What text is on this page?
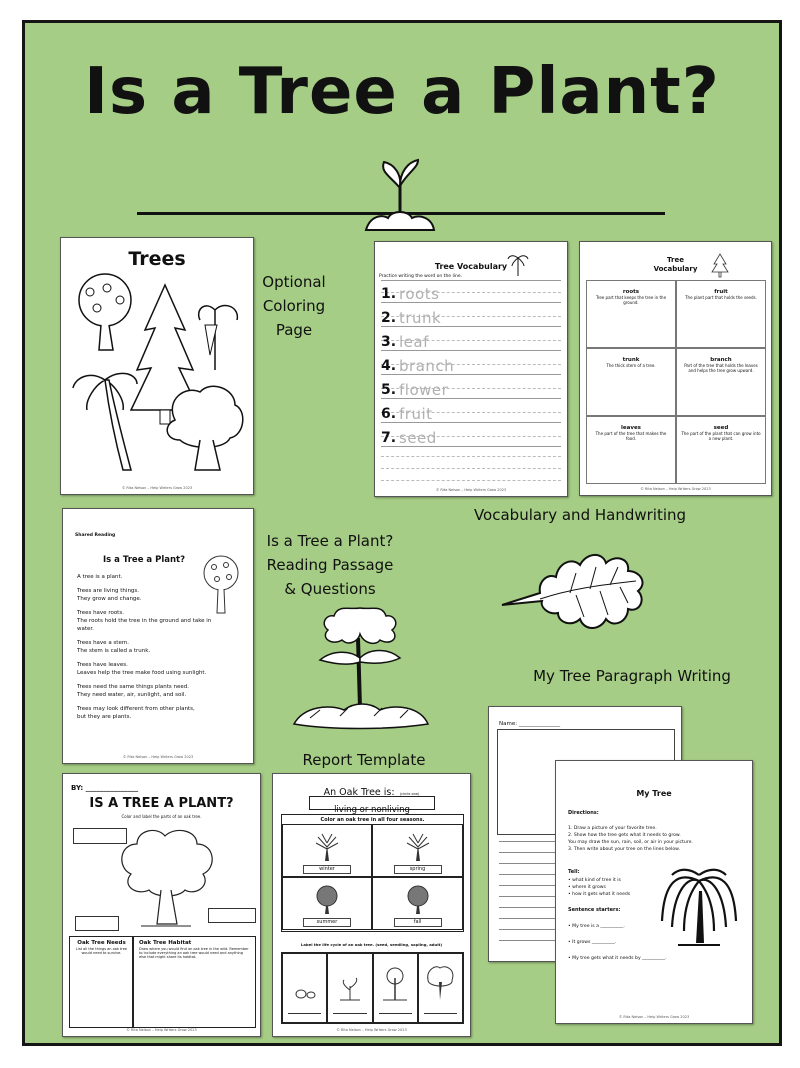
Is a Tree a Plant?
Trees
© Rita Nelson – Help Writers Grow 2023
Optional Coloring Page
Tree Vocabulary
Practice writing the word on the line.
1. roots
2. trunk
3. leaf
4. branch
5. flower
6. fruit
7. seed
© Rita Nelson – Help Writers Grow 2023
Tree
Vocabulary
roots
Tree part that keeps the tree in the ground.
fruit
The plant part that holds the seeds.
trunk
The thick stem of a tree.
branch
Part of the tree that holds the leaves and helps the tree grow upward.
leaves
The part of the tree that makes the food.
seed
The part of the plant that can grow into a new plant.
© Rita Nelson – Help Writers Grow 2023
Vocabulary and Handwriting
Shared Reading
Is a Tree a Plant?
A tree is a plant.
Trees are living things.
They grow and change.
Trees have roots.
The roots hold the tree in the ground and take in
water.
Trees have a stem.
The stem is called a trunk.
Trees have leaves.
Leaves help the tree make food using sunlight.
Trees need the same things plants need.
They need water, air, sunlight, and soil.
Trees may look different from other plants,
but they are plants.
© Rita Nelson – Help Writers Grow 2023
Is a Tree a Plant? Reading Passage & Questions
My Tree Paragraph Writing
Report Template
BY: _______________
IS A TREE A PLANT?
Color and label the parts of an oak tree.
Oak Tree Needs
List all the things an oak tree would need to survive.
Oak Tree Habitat
Draw where you would find an oak tree in the wild. Remember to include everything an oak tree would need and anything else that might share its habitat.
© Rita Nelson – Help Writers Grow 2023
An Oak Tree is: (circle one)
living or nonliving
Color an oak tree in all four seasons.
winter	spring
summer	fall
Label the life cycle of an oak tree. (seed, seedling, sapling, adult)
© Rita Nelson – Help Writers Grow 2023
Name: _______________
My Tree
Directions:
1. Draw a picture of your favorite tree.
2. Show how the tree gets what it needs to grow.
You may draw the sun, rain, soil, or air in your picture.
3. Then write about your tree on the lines below.
Tell:
• what kind of tree it is
• where it grows
• how it gets what it needs
Sentence starters:
• My tree is a __________.
• It grows __________.
• My tree gets what it needs by __________.
© Rita Nelson – Help Writers Grow 2023
